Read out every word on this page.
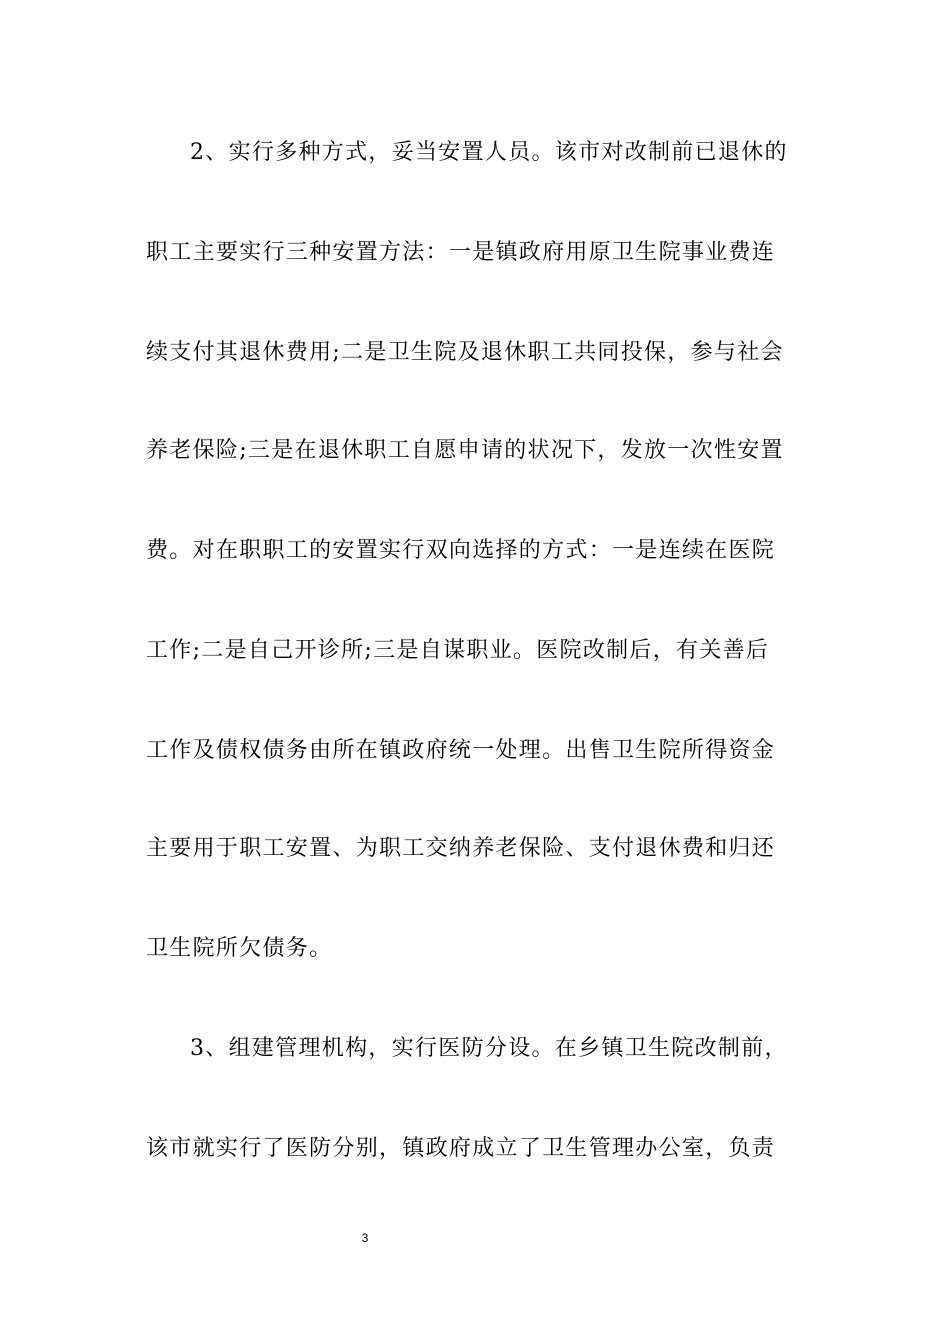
2、实行多种方式，妥当安置人员。该市对改制前已退休的
职工主要实行三种安置方法：一是镇政府用原卫生院事业费连
续支付其退休费用;二是卫生院及退休职工共同投保，参与社会
养老保险;三是在退休职工自愿申请的状况下，发放一次性安置
费。对在职职工的安置实行双向选择的方式：一是连续在医院
工作;二是自己开诊所;三是自谋职业。医院改制后，有关善后
工作及债权债务由所在镇政府统一处理。出售卫生院所得资金
主要用于职工安置、为职工交纳养老保险、支付退休费和归还
卫生院所欠债务。
3、组建管理机构，实行医防分设。在乡镇卫生院改制前，
该市就实行了医防分别，镇政府成立了卫生管理办公室，负责
3
